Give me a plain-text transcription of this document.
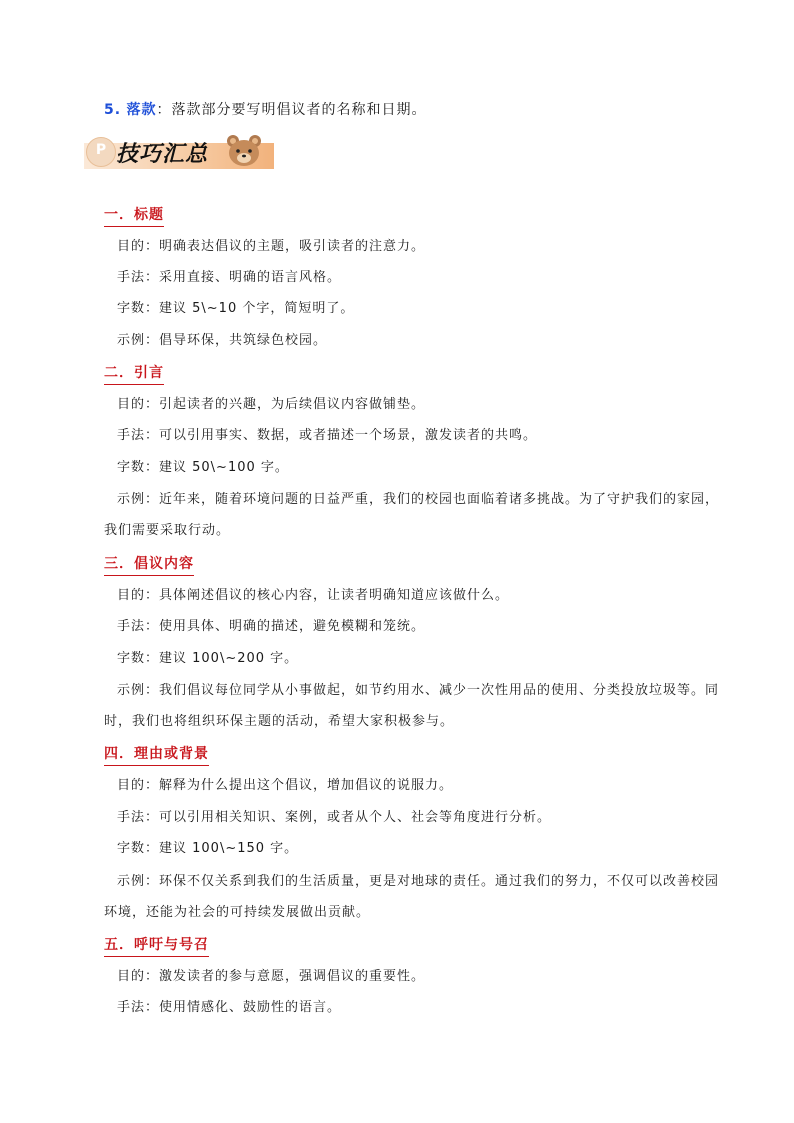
5. 落款：落款部分要写明倡议者的名称和日期。
P 技巧汇总
一．标题
目的：明确表达倡议的主题，吸引读者的注意力。
手法：采用直接、明确的语言风格。
字数：建议 5\~10 个字，简短明了。
示例：倡导环保，共筑绿色校园。
二．引言
目的：引起读者的兴趣，为后续倡议内容做铺垫。
手法：可以引用事实、数据，或者描述一个场景，激发读者的共鸣。
字数：建议 50\~100 字。
示例：近年来，随着环境问题的日益严重，我们的校园也面临着诸多挑战。为了守护我们的家园，我们需要采取行动。
三．倡议内容
目的：具体阐述倡议的核心内容，让读者明确知道应该做什么。
手法：使用具体、明确的描述，避免模糊和笼统。
字数：建议 100\~200 字。
示例：我们倡议每位同学从小事做起，如节约用水、减少一次性用品的使用、分类投放垃圾等。同时，我们也将组织环保主题的活动，希望大家积极参与。
四．理由或背景
目的：解释为什么提出这个倡议，增加倡议的说服力。
手法：可以引用相关知识、案例，或者从个人、社会等角度进行分析。
字数：建议 100\~150 字。
示例：环保不仅关系到我们的生活质量，更是对地球的责任。通过我们的努力，不仅可以改善校园环境，还能为社会的可持续发展做出贡献。
五．呼吁与号召
目的：激发读者的参与意愿，强调倡议的重要性。
手法：使用情感化、鼓励性的语言。
